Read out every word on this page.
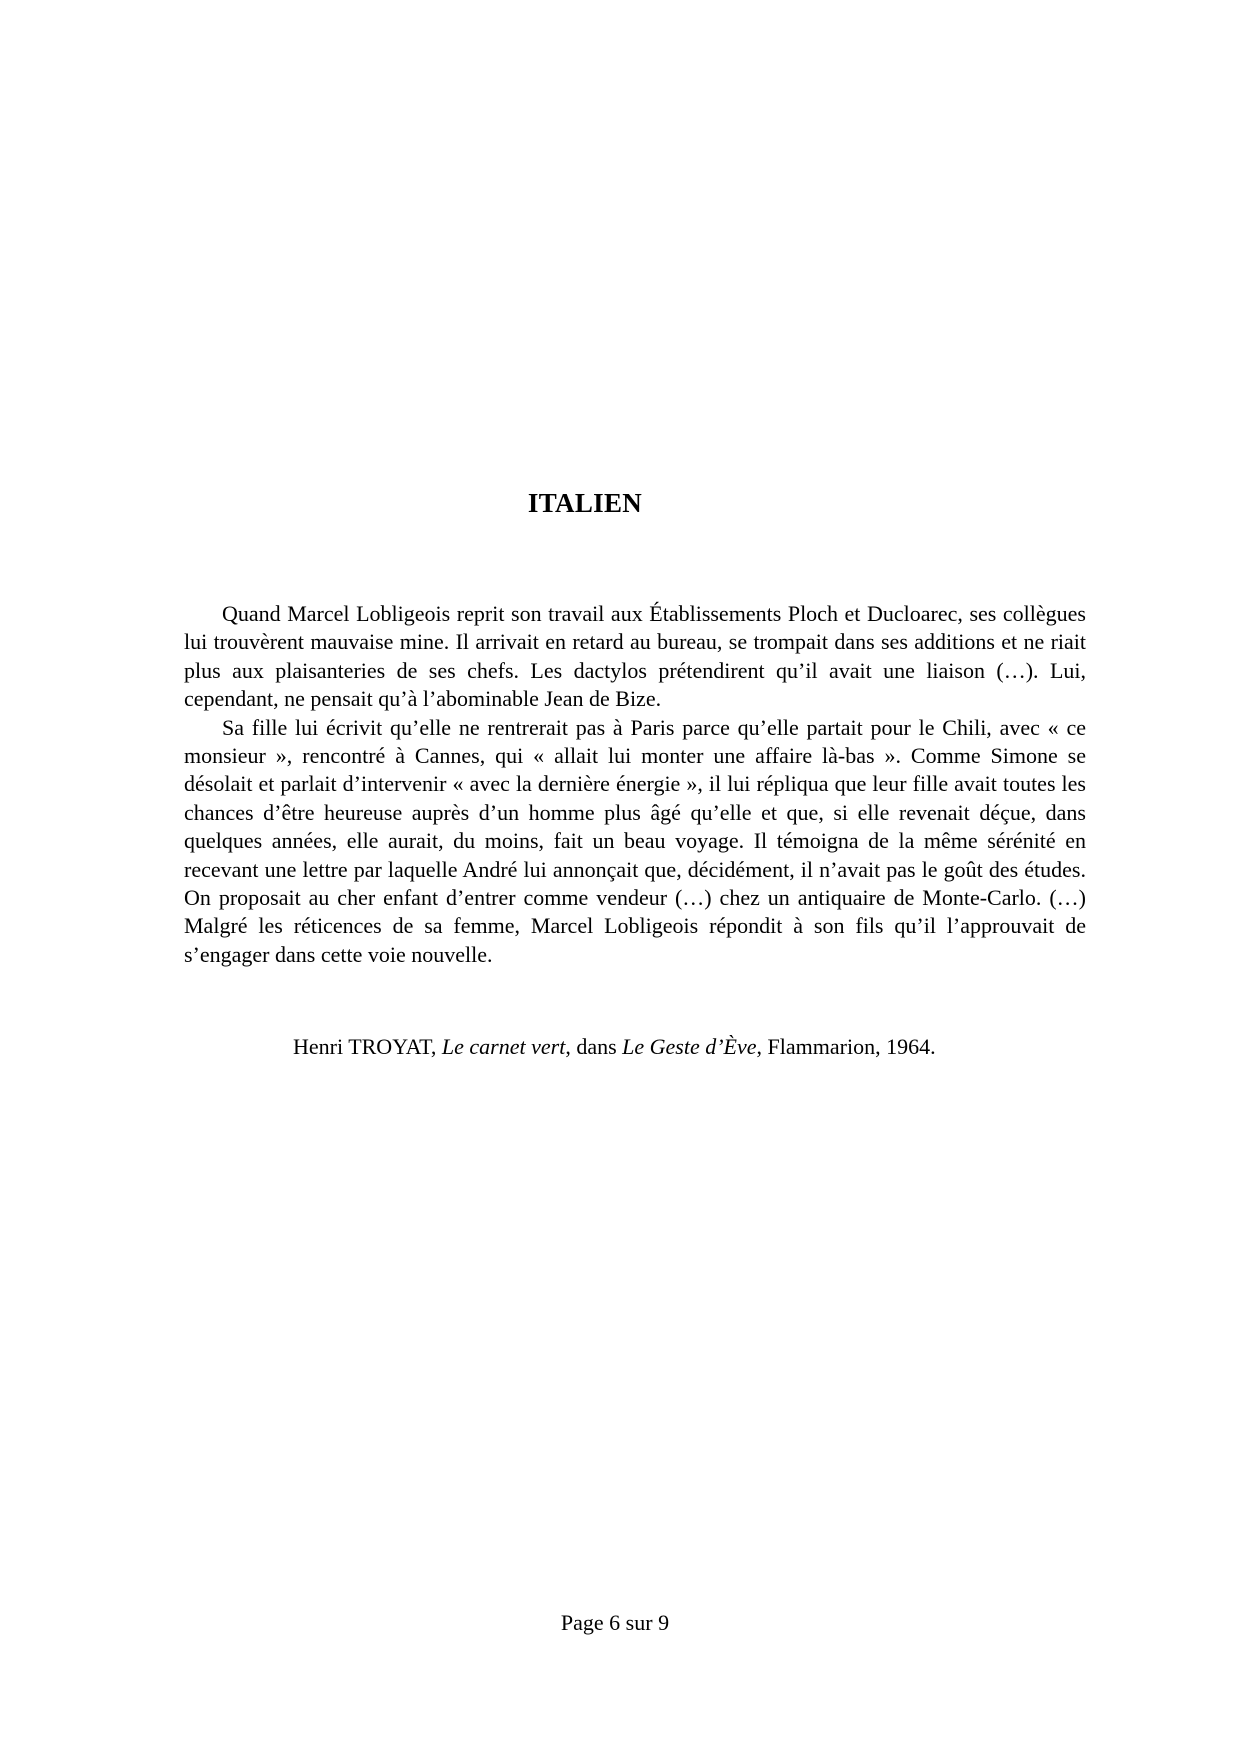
ITALIEN

Quand Marcel Lobligeois reprit son travail aux Établissements Ploch et Ducloarec, ses collègues lui trouvèrent mauvaise mine. Il arrivait en retard au bureau, se trompait dans ses additions et ne riait plus aux plaisanteries de ses chefs. Les dactylos prétendirent qu’il avait une liaison (…). Lui, cependant, ne pensait qu’à l’abominable Jean de Bize.

Sa fille lui écrivit qu’elle ne rentrerait pas à Paris parce qu’elle partait pour le Chili, avec « ce monsieur », rencontré à Cannes, qui « allait lui monter une affaire là-bas ». Comme Simone se désolait et parlait d’intervenir « avec la dernière énergie », il lui répliqua que leur fille avait toutes les chances d’être heureuse auprès d’un homme plus âgé qu’elle et que, si elle revenait déçue, dans quelques années, elle aurait, du moins, fait un beau voyage. Il témoigna de la même sérénité en recevant une lettre par laquelle André lui annonçait que, décidément, il n’avait pas le goût des études. On proposait au cher enfant d’entrer comme vendeur (…) chez un antiquaire de Monte-Carlo. (…) Malgré les réticences de sa femme, Marcel Lobligeois répondit à son fils qu’il l’approuvait de s’engager dans cette voie nouvelle.

Henri TROYAT, Le carnet vert, dans Le Geste d’Ève, Flammarion, 1964.
Page 6 sur 9
